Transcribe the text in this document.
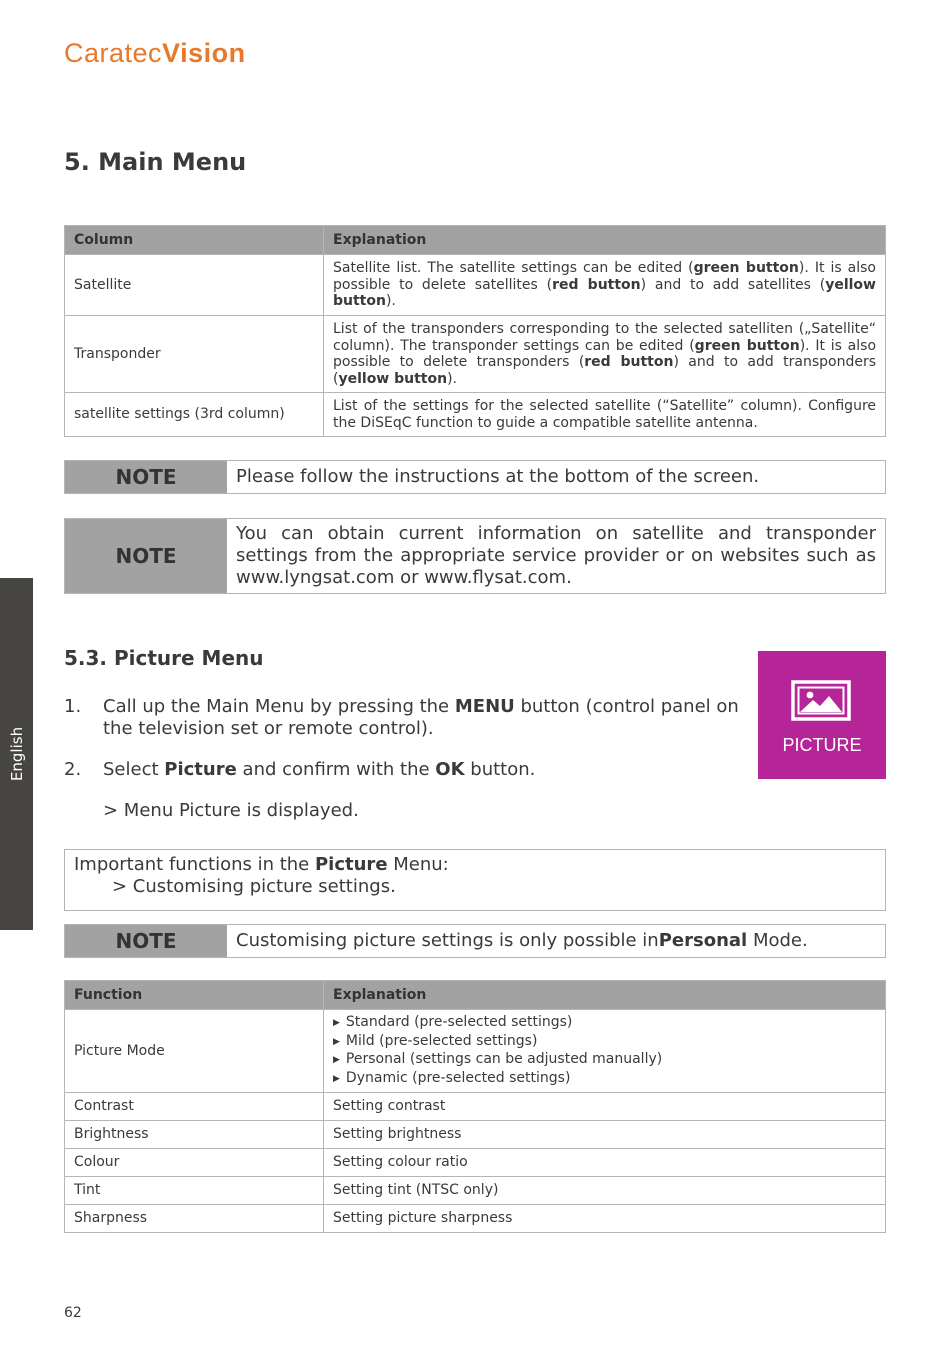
CaratecVision
English
5. Main Menu
Column	Explanation
Satellite	Satellite list. The satellite settings can be edited (green button). It is also possible to delete satellites (red button) and to add satellites (yellow button).
Transponder	List of the transponders corresponding to the selected satelliten („Satellite“ column). The transponder settings can be edited (green button). It is also possible to delete transponders (red button) and to add transponders (yellow button).
satellite settings (3rd column)	List of the settings for the selected satellite (“Satellite” column). Configure the DiSEqC function to guide a compatible satellite antenna.
NOTE	Please follow the instructions at the bottom of the screen.
NOTE
You can obtain current information on satellite and transponder settings from the appropriate service provider or on websites such as www.lyngsat.com or www.flysat.com.
5.3. Picture Menu
PICTURE
1.	Call up the Main Menu by pressing the MENU button (control panel on the television set or remote control).
2.	Select Picture and confirm with the OK button.
> Menu Picture is displayed.
Important functions in the Picture Menu:
> Customising picture settings.
NOTE	Customising picture settings is only possible in Personal
Mode.
Function	Explanation
Picture Mode	▶ Standard (pre-selected settings)
▶ Mild (pre-selected settings)
▶ Personal (settings can be adjusted manually)
▶ Dynamic (pre-selected settings)

Contrast	Setting contrast
Brightness	Setting brightness
Colour	Setting colour ratio
Tint	Setting tint (NTSC only)
Sharpness	Setting picture sharpness
62
